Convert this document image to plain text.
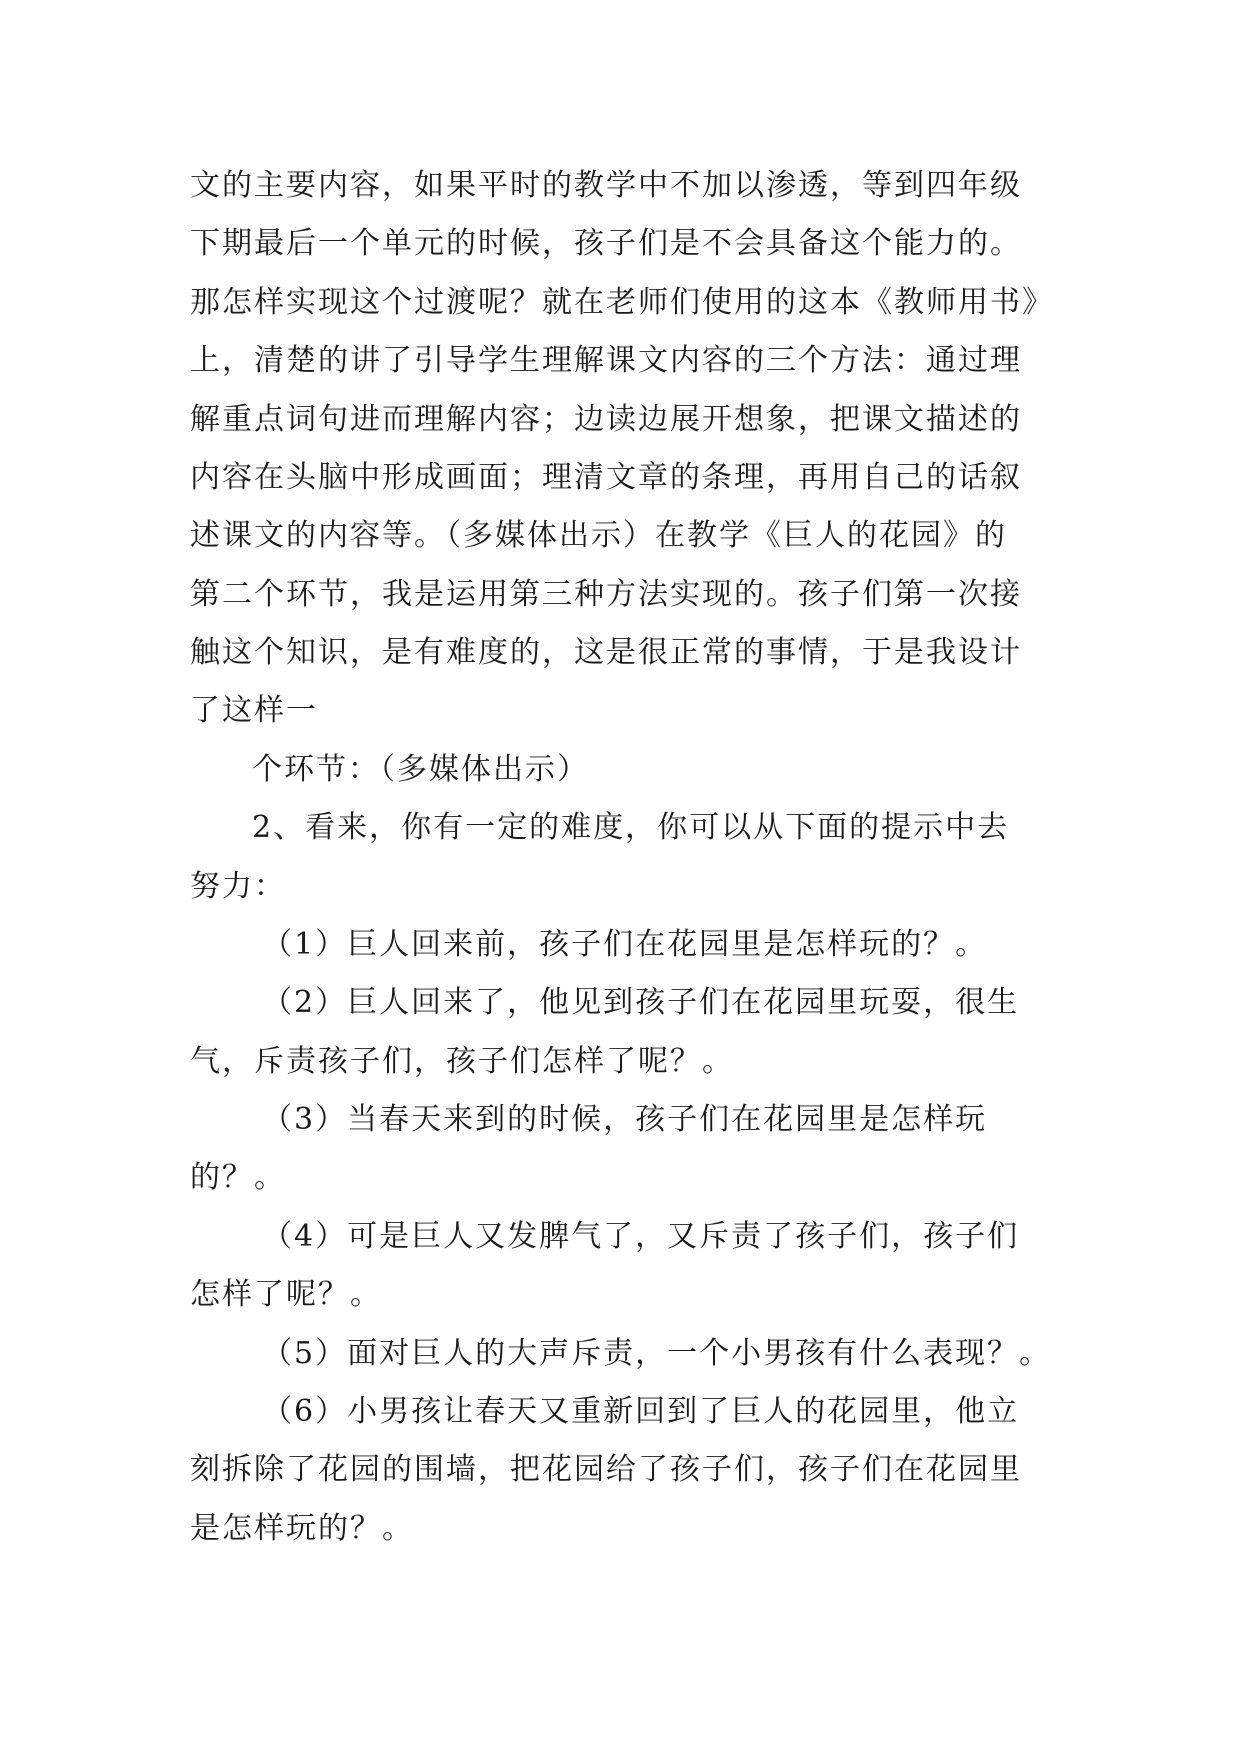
文的主要内容，如果平时的教学中不加以渗透，等到四年级
下期最后一个单元的时候，孩子们是不会具备这个能力的。
那怎样实现这个过渡呢？就在老师们使用的这本《教师用书》
上，清楚的讲了引导学生理解课文内容的三个方法：通过理
解重点词句进而理解内容；边读边展开想象，把课文描述的
内容在头脑中形成画面；理清文章的条理，再用自己的话叙
述课文的内容等。（多媒体出示）在教学《巨人的花园》的
第二个环节，我是运用第三种方法实现的。孩子们第一次接
触这个知识，是有难度的，这是很正常的事情，于是我设计
了这样一
个环节：（多媒体出示）
2、看来，你有一定的难度，你可以从下面的提示中去
努力：
（1）巨人回来前，孩子们在花园里是怎样玩的？。
（2）巨人回来了，他见到孩子们在花园里玩耍，很生
气，斥责孩子们，孩子们怎样了呢？。
（3）当春天来到的时候，孩子们在花园里是怎样玩
的？。
（4）可是巨人又发脾气了，又斥责了孩子们，孩子们
怎样了呢？。
（5）面对巨人的大声斥责，一个小男孩有什么表现？。
（6）小男孩让春天又重新回到了巨人的花园里，他立
刻拆除了花园的围墙，把花园给了孩子们，孩子们在花园里
是怎样玩的？。
